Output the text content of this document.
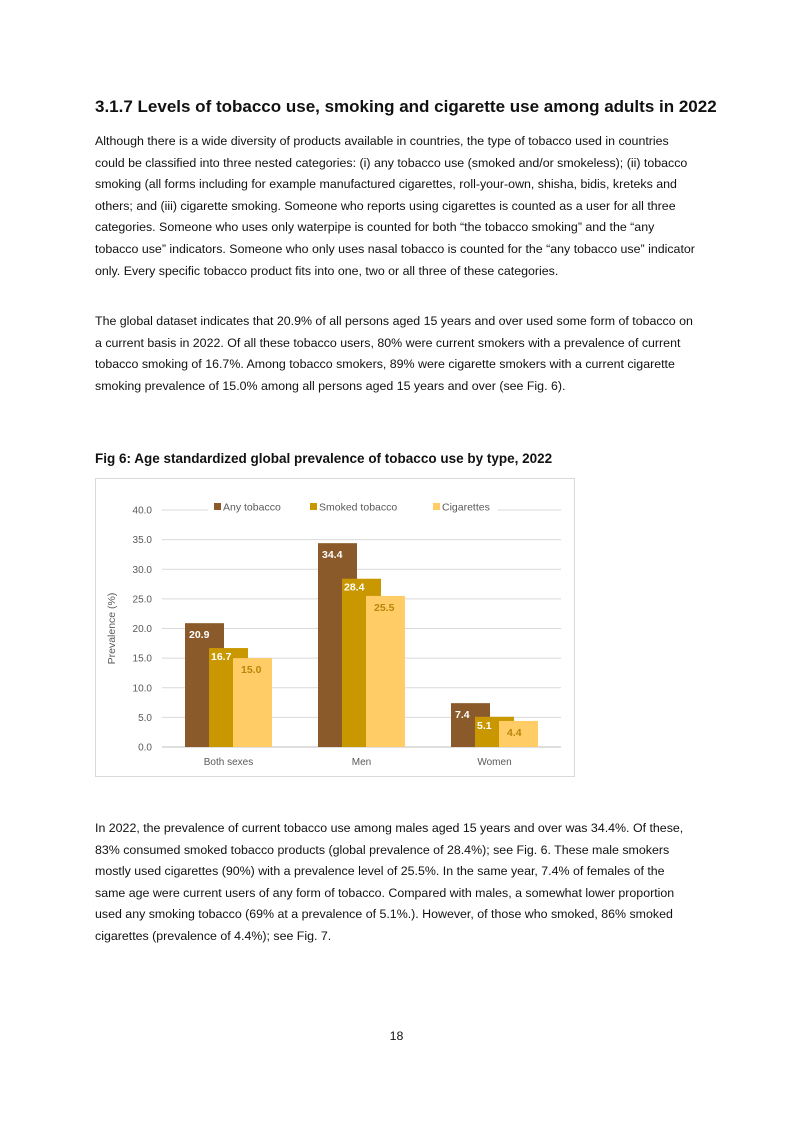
3.1.7 Levels of tobacco use, smoking and cigarette use among adults in 2022

Although there is a wide diversity of products available in countries, the type of tobacco used in countries could be classified into three nested categories: (i) any tobacco use (smoked and/or smokeless); (ii) tobacco smoking (all forms including for example manufactured cigarettes, roll-your-own, shisha, bidis, kreteks and others; and (iii) cigarette smoking. Someone who reports using cigarettes is counted as a user for all three categories. Someone who uses only waterpipe is counted for both “the tobacco smoking” and the “any tobacco use” indicators. Someone who only uses nasal tobacco is counted for the “any tobacco use” indicator only. Every specific tobacco product fits into one, two or all three of these categories.

The global dataset indicates that 20.9% of all persons aged 15 years and over used some form of tobacco on a current basis in 2022. Of all these tobacco users, 80% were current smokers with a prevalence of current tobacco smoking of 16.7%. Among tobacco smokers, 89% were cigarette smokers with a current cigarette smoking prevalence of 15.0% among all persons aged 15 years and over (see Fig. 6).

Fig 6: Age standardized global prevalence of tobacco use by type, 2022
0.0
5.0
10.0
15.0
20.0
25.0
30.0
35.0
40.0
Prevalence (%)	20.9
16.7
15.0
Both sexes
34.4
28.4
25.5
Men
7.4
5.1
4.4
Women
Any tobacco	Smoked tobacco	Cigarettes

In 2022, the prevalence of current tobacco use among males aged 15 years and over was 34.4%. Of these, 83% consumed smoked tobacco products (global prevalence of 28.4%); see Fig. 6. These male smokers mostly used cigarettes (90%) with a prevalence level of 25.5%. In the same year, 7.4% of females of the same age were current users of any form of tobacco. Compared with males, a somewhat lower proportion used any smoking tobacco (69% at a prevalence of 5.1%.). However, of those who smoked, 86% smoked cigarettes (prevalence of 4.4%); see Fig. 7.

18
